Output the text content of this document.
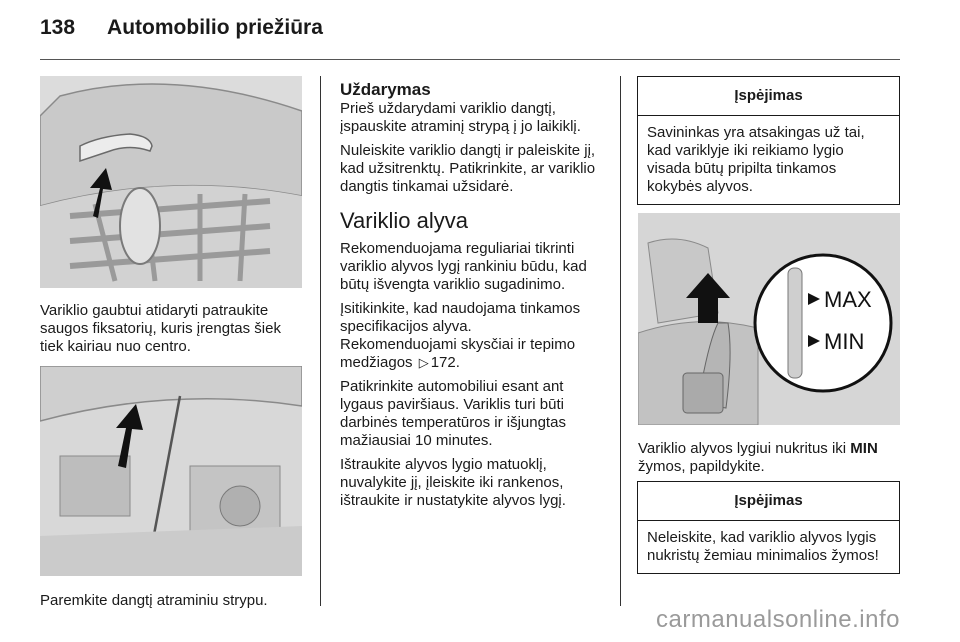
138 Automobilio priežiūra
Variklio gaubtui atidaryti patraukite saugos fiksatorių, kuris įrengtas šiek tiek kairiau nuo centro.
Paremkite dangtį atraminiu strypu.
Uždarymas

Prieš uždarydami variklio dangtį, įspauskite atraminį strypą į jo laikiklį.

Nuleiskite variklio dangtį ir paleiskite jį, kad užsitrenktų. Patikrinkite, ar variklio dangtis tinkamai užsidarė.

Variklio alyva

Rekomenduojama reguliariai tikrinti variklio alyvos lygį rankiniu būdu, kad būtų išvengta variklio sugadinimo.

Įsitikinkite, kad naudojama tinkamos specifikacijos alyva.

Rekomenduojami skysčiai ir tepimo medžiagos ▷ 172.

Patikrinkite automobiliui esant ant lygaus paviršiaus. Variklis turi būti darbinės temperatūros ir išjungtas mažiausiai 10 minutes.

Ištraukite alyvos lygio matuoklį, nuvalykite jį, įleiskite iki rankenos, ištraukite ir nustatykite alyvos lygį.

Įspėjimas
Savininkas yra atsakingas už tai, kad variklyje iki reikiamo lygio visada būtų pripilta tinkamos kokybės alyvos.
MAX
MIN
Variklio alyvos lygiui nukritus iki MIN žymos, papildykite.
Įspėjimas
Neleiskite, kad variklio alyvos lygis nukristų žemiau minimalios žymos!
carmanualsonline.info
